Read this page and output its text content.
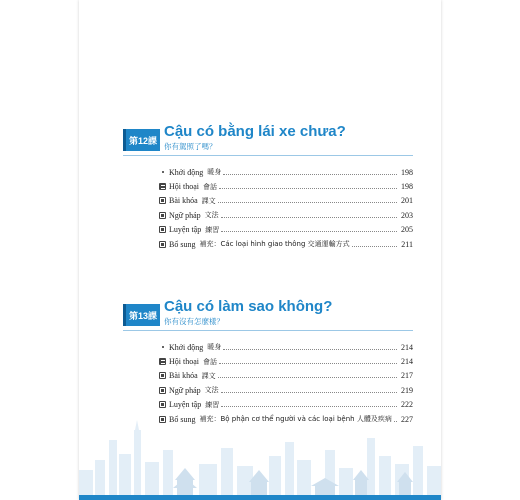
第12課
Cậu có bằng lái xe chưa?
你有駕照了嗎？
Khởi động 暖身	198
Hội thoại 會話	198
Bài khóa 課文	201
Ngữ pháp 文法	203
Luyện tập 練習	205
Bổ sung 補充：Các loại hình giao thông 交通運輸方式	211
第13課
Cậu có làm sao không?
你有沒有怎麼樣？
Khởi động 暖身	214
Hội thoại 會話	214
Bài khóa 課文	217
Ngữ pháp 文法	219
Luyện tập 練習	222
Bổ sung 補充：Bộ phận cơ thể người và các loại bệnh 人體及疾病 227
